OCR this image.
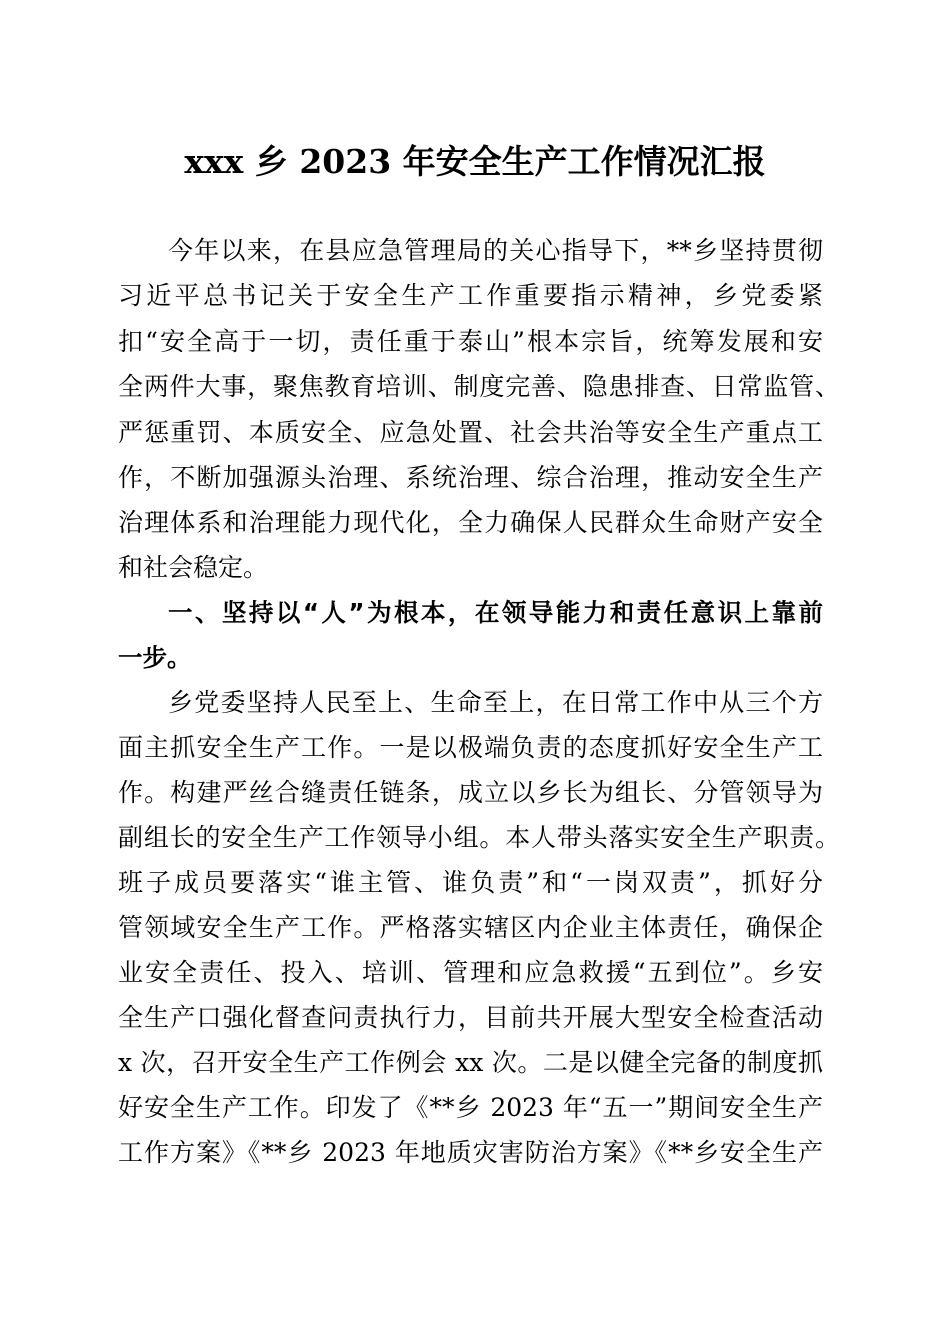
xxx 乡 2023 年安全生产工作情况汇报
今年以来，在县应急管理局的关心指导下，**乡坚持贯彻
习近平总书记关于安全生产工作重要指示精神，乡党委紧
扣“安全高于一切，责任重于泰山”根本宗旨，统筹发展和安
全两件大事，聚焦教育培训、制度完善、隐患排查、日常监管、
严惩重罚、本质安全、应急处置、社会共治等安全生产重点工
作，不断加强源头治理、系统治理、综合治理，推动安全生产
治理体系和治理能力现代化，全力确保人民群众生命财产安全
和社会稳定。
一、坚持以“人”为根本，在领导能力和责任意识上靠前
一步。
乡党委坚持人民至上、生命至上，在日常工作中从三个方
面主抓安全生产工作。一是以极端负责的态度抓好安全生产工
作。构建严丝合缝责任链条，成立以乡长为组长、分管领导为
副组长的安全生产工作领导小组。本人带头落实安全生产职责。
班子成员要落实“谁主管、谁负责”和“一岗双责”，抓好分
管领域安全生产工作。严格落实辖区内企业主体责任，确保企
业安全责任、投入、培训、管理和应急救援“五到位”。乡安
全生产口强化督查问责执行力，目前共开展大型安全检查活动
x 次，召开安全生产工作例会 xx 次。二是以健全完备的制度抓
好安全生产工作。印发了《**乡 2023 年“五一”期间安全生产
工作方案》《**乡 2023 年地质灾害防治方案》《**乡安全生产
